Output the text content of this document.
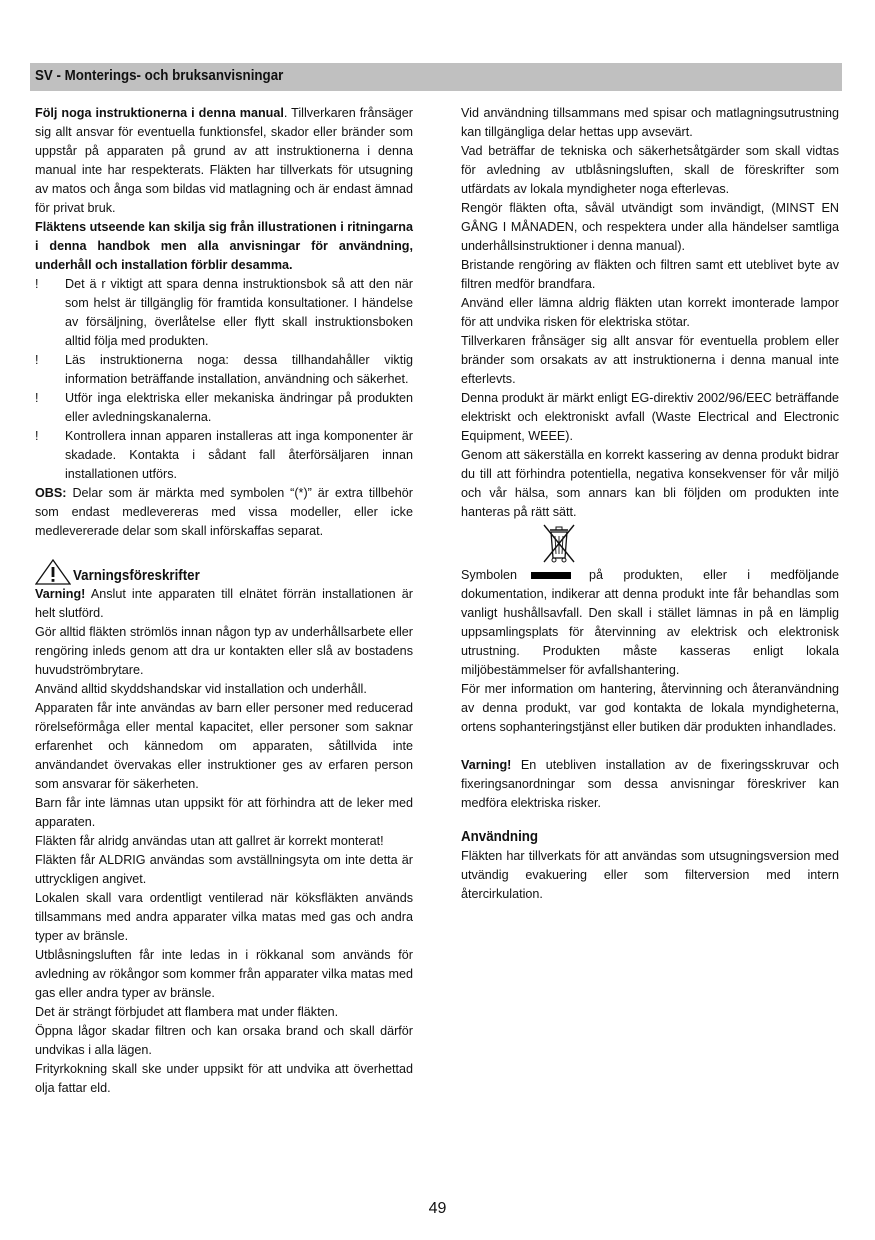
SV - Monterings- och bruksanvisningar

Följ noga instruktionerna i denna manual. Tillverkaren frånsäger sig allt ansvar för eventuella funktionsfel, skador eller bränder som uppstår på apparaten på grund av att instruktionerna i denna manual inte har respekterats. Fläkten har tillverkats för utsugning av matos och ånga som bildas vid matlagning och är endast ämnad för privat bruk.

Fläktens utseende kan skilja sig från illustrationen i ritningarna i denna handbok men alla anvisningar för användning, underhåll och installation förblir desamma.

! Det ä r viktigt att spara denna instruktionsbok så att den när som helst är tillgänglig för framtida konsultationer. I händelse av försäljning, överlåtelse eller flytt skall instruktionsboken alltid följa med produkten.

! Läs instruktionerna noga: dessa tillhandahåller viktig information beträffande installation, användning och säkerhet.

! Utför inga elektriska eller mekaniska ändringar på produkten eller avledningskanalerna.

! Kontrollera innan apparen installeras att inga komponenter är skadade. Kontakta i sådant fall återförsäljaren innan installationen utförs.

OBS: Delar som är märkta med symbolen “(*)” är extra tillbehör som endast medlevereras med vissa modeller, eller icke medlevererade delar som skall införskaffas separat.

Varningsföreskrifter

Varning! Anslut inte apparaten till elnätet förrän installationen är helt slutförd.

Gör alltid fläkten strömlös innan någon typ av underhållsarbete eller rengöring inleds genom att dra ur kontakten eller slå av bostadens huvudströmbrytare.

Använd alltid skyddshandskar vid installation och underhåll.

Apparaten får inte användas av barn eller personer med reducerad rörelseförmåga eller mental kapacitet, eller personer som saknar erfarenhet och kännedom om apparaten, såtillvida inte användandet övervakas eller instruktioner ges av erfaren person som ansvarar för säkerheten.

Barn får inte lämnas utan uppsikt för att förhindra att de leker med apparaten.

Fläkten får alridg användas utan att gallret är korrekt monterat!

Fläkten får ALDRIG användas som avställningsyta om inte detta är uttryckligen angivet.

Lokalen skall vara ordentligt ventilerad när köksfläkten används tillsammans med andra apparater vilka matas med gas och andra typer av bränsle.

Utblåsningsluften får inte ledas in i rökkanal som används för avledning av rökångor som kommer från apparater vilka matas med gas eller andra typer av bränsle.

Det är strängt förbjudet att flambera mat under fläkten.

Öppna lågor skadar filtren och kan orsaka brand och skall därför undvikas i alla lägen.

Frityrkokning skall ske under uppsikt för att undvika att överhettad olja fattar eld.

Vid användning tillsammans med spisar och matlagningsutrustning kan tillgängliga delar hettas upp avsevärt.

Vad beträffar de tekniska och säkerhetsåtgärder som skall vidtas för avledning av utblåsningsluften, skall de föreskrifter som utfärdats av lokala myndigheter noga efterlevas.

Rengör fläkten ofta, såväl utvändigt som invändigt, (MINST EN GÅNG I MÅNADEN, och respektera under alla händelser samtliga underhållsinstruktioner i denna manual).

Bristande rengöring av fläkten och filtren samt ett uteblivet byte av filtren medför brandfara.

Använd eller lämna aldrig fläkten utan korrekt imonterade lampor för att undvika risken för elektriska stötar.

Tillverkaren frånsäger sig allt ansvar för eventuella problem eller bränder som orsakats av att instruktionerna i denna manual inte efterlevts.

Denna produkt är märkt enligt EG-direktiv 2002/96/EEC beträffande elektriskt och elektroniskt avfall (Waste Electrical and Electronic Equipment, WEEE).

Genom att säkerställa en korrekt kassering av denna produkt bidrar du till att förhindra potentiella, negativa konsekvenser för vår miljö och vår hälsa, som annars kan bli följden om produkten inte hanteras på rätt sätt.

Symbolen	på produkten, eller i medföljande

dokumentation, indikerar att denna produkt inte får behandlas som vanligt hushållsavfall. Den skall i stället lämnas in på en lämplig uppsamlingsplats för återvinning av elektrisk och elektronisk utrustning. Produkten måste kasseras enligt lokala miljöbestämmelser för avfallshantering.

För mer information om hantering, återvinning och återanvändning av denna produkt, var god kontakta de lokala myndigheterna, ortens sophanteringstjänst eller butiken där produkten inhandlades.

Varning! En utebliven installation av de fixeringsskruvar och fixeringsanordningar som dessa anvisningar föreskriver kan medföra elektriska risker.

Användning

Fläkten har tillverkats för att användas som utsugningsversion med utvändig evakuering eller som filterversion med intern återcirkulation.

49
